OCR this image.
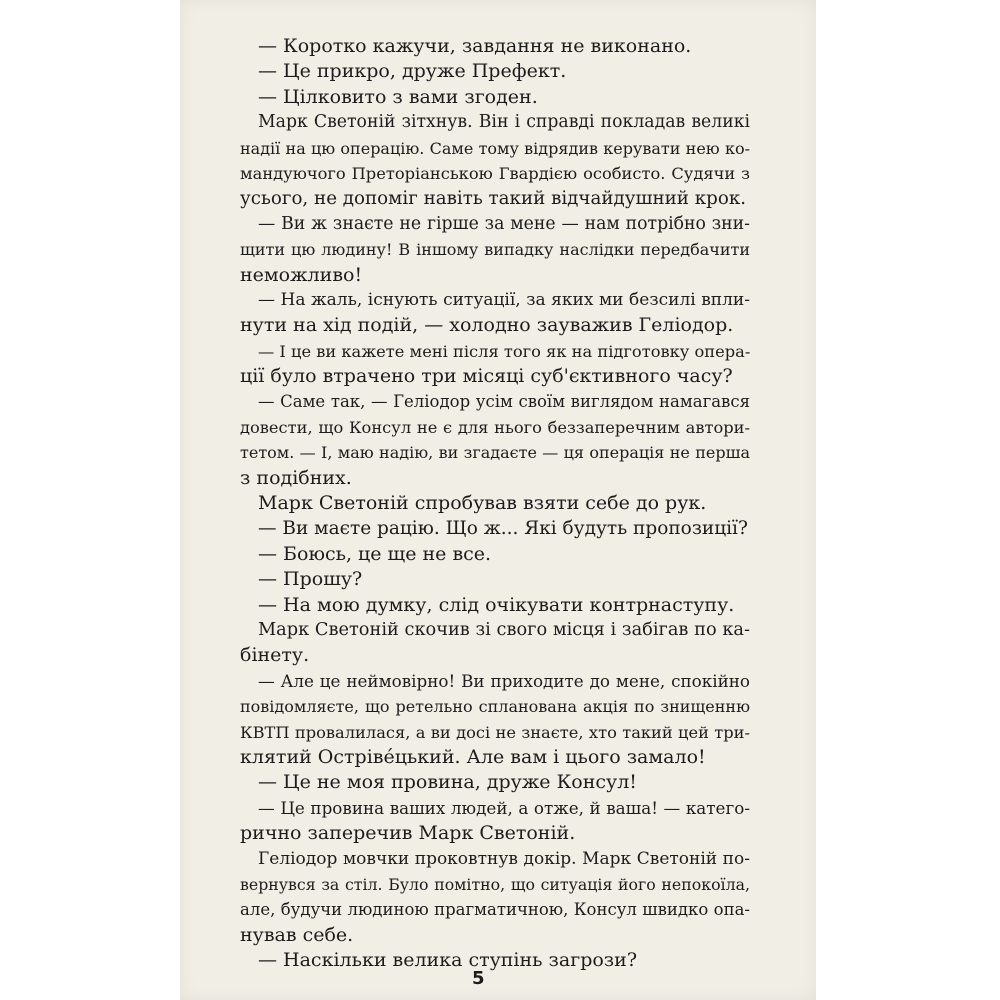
— Коротко кажучи, завдання не виконано.
— Це прикро, друже Префект.
— Цілковито з вами згоден.
Марк Светоній зітхнув. Він і справді покладав великі
надії на цю операцію. Саме тому відрядив керувати нею ко-
мандуючого Преторіанською Гвардією особисто. Судячи з
усього, не допоміг навіть такий відчайдушний крок.
— Ви ж знаєте не гірше за мене — нам потрібно зни-
щити цю людину! В іншому випадку наслідки передбачити
неможливо!
— На жаль, існують ситуації, за яких ми безсилі впли-
нути на хід подій, — холодно зауважив Геліодор.
— І це ви кажете мені після того як на підготовку опера-
ції було втрачено три місяці суб'єктивного часу?
— Саме так, — Геліодор усім своїм виглядом намагався
довести, що Консул не є для нього беззаперечним автори-
тетом. — І, маю надію, ви згадаєте — ця операція не перша
з подібних.
Марк Светоній спробував взяти себе до рук.
— Ви маєте рацію. Що ж... Які будуть пропозиції?
— Боюсь, це ще не все.
— Прошу?
— На мою думку, слід очікувати контрнаступу.
Марк Светоній скочив зі свого місця і забігав по ка-
бінету.
— Але це неймовірно! Ви приходите до мене, спокійно
повідомляєте, що ретельно спланована акція по знищенню
КВТП провалилася, а ви досі не знаєте, хто такий цей три-
клятий Остріве́цький. Але вам і цього замало!
— Це не моя провина, друже Консул!
— Це провина ваших людей, а отже, й ваша! — катего-
рично заперечив Марк Светоній.
Геліодор мовчки проковтнув докір. Марк Светоній по-
вернувся за стіл. Було помітно, що ситуація його непокоїла,
але, будучи людиною прагматичною, Консул швидко опа-
нував себе.
— Наскільки велика ступінь загрози?
5
